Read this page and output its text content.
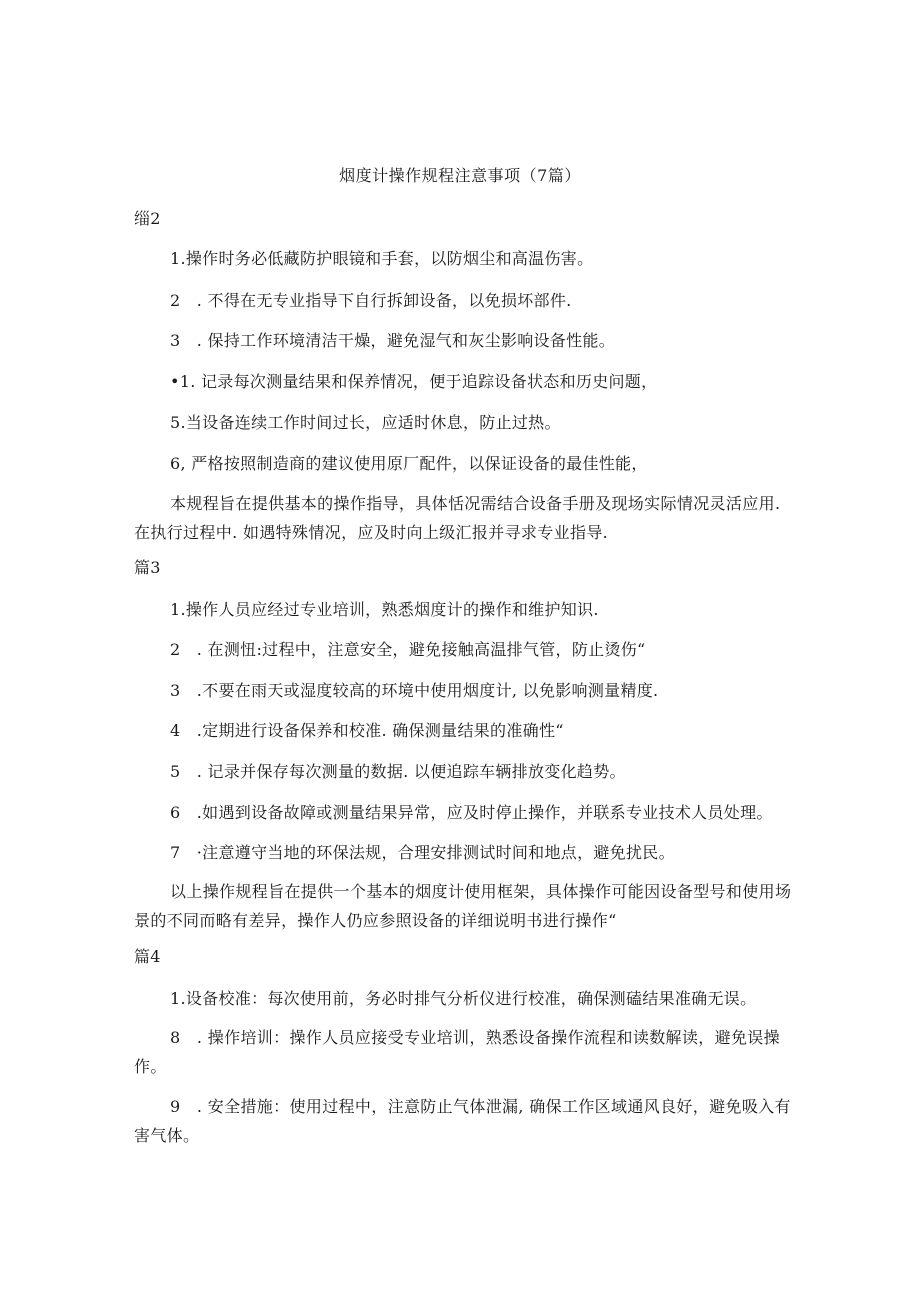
烟度计操作规程注意事项（7篇）
缁2
1.操作时务必低藏防护眼镜和手套，以防烟尘和高温伤害。
2　. 不得在无专业指导下自行拆卸设备，以免损坏部件.
3　. 保持工作环境清洁干燥，避免湿气和灰尘影响设备性能。
•1. 记录每次测量结果和保养情况，便于追踪设备状态和历史问题，
5.当设备连续工作时间过长，应适时休息，防止过热。
6, 严格按照制造商的建议使用原厂配件，以保证设备的最佳性能，
本规程旨在提供基本的操作指导，具体恬况需结合设备手册及现场实际情况灵活应用. 在执行过程中. 如遇特殊情况，应及时向上级汇报并寻求专业指导.
篇3
1.操作人员应经过专业培训，熟悉烟度计的操作和维护知识.
2　. 在测忸:过程中，注意安全，避免接触高温排气管，防止烫伤“
3　.不要在雨天或湿度较高的环境中使用烟度计, 以免影响测量精度.
4　.定期进行设备保养和校准. 确保测量结果的准确性“
5　. 记录并保存每次测量的数据. 以便追踪车辆排放变化趋势。
6　.如遇到设备故障或测量结果异常，应及时停止操作，并联系专业技术人员处理。
7　·注意遵守当地的环保法规，合理安排测试时间和地点，避免扰民。
以上操作规程旨在提供一个基本的烟度计使用框架，具体操作可能因设备型号和使用场景的不同而略有差异，操作人仍应参照设备的详细说明书进行操作“
篇4
1.设备校准：每次使用前，务必时排气分析仪进行校准，确保测磕结果准确无误。
8　. 操作培训：操作人员应接受专业培训，熟悉设备操作流程和读数解读，避免误操作。
9　. 安全措施：使用过程中，注意防止气体泄漏, 确保工作区域通风良好，避免吸入有害气体。
